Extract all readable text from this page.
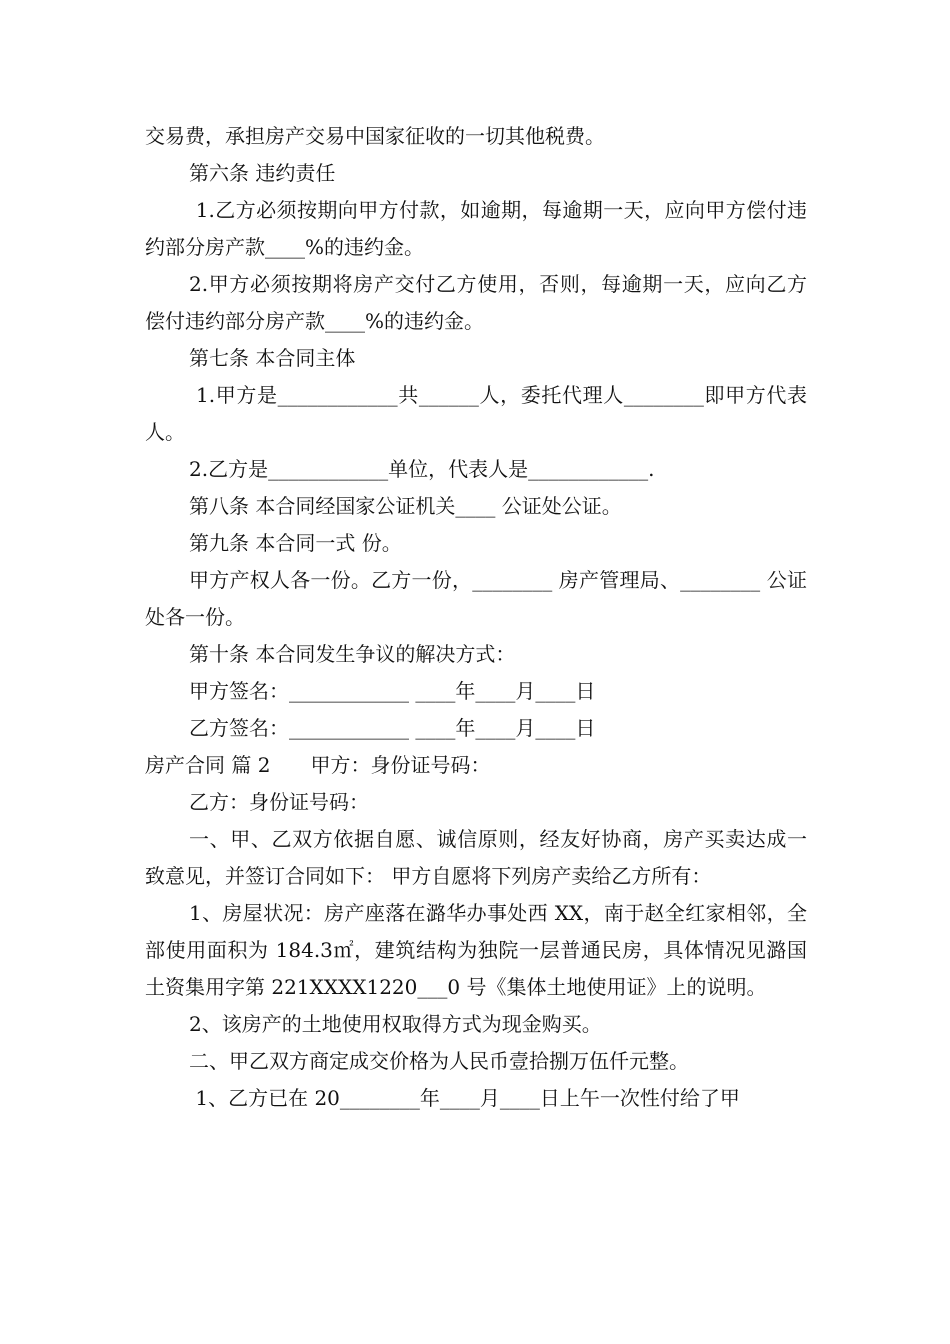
交易费，承担房产交易中国家征收的一切其他税费。

第六条 违约责任

1.乙方必须按期向甲方付款，如逾期，每逾期一天，应向甲方偿付违约部分房产款____%的违约金。

2.甲方必须按期将房产交付乙方使用，否则，每逾期一天，应向乙方偿付违约部分房产款____%的违约金。

第七条 本合同主体

1.甲方是____________共______人，委托代理人________即甲方代表人。

2.乙方是____________单位，代表人是____________.

第八条 本合同经国家公证机关____ 公证处公证。

第九条 本合同一式 份。

甲方产权人各一份。乙方一份，________ 房产管理局、________ 公证处各一份。

第十条 本合同发生争议的解决方式：

甲方签名：____________ ____年____月____日

乙方签名：____________ ____年____月____日

房产合同 篇 2　　甲方：身份证号码：

乙方：身份证号码：

一、甲、乙双方依据自愿、诚信原则，经友好协商，房产买卖达成一致意见，并签订合同如下： 甲方自愿将下列房产卖给乙方所有：

1、房屋状况：房产座落在潞华办事处西 XX，南于赵全红家相邻，全部使用面积为 184.3㎡，建筑结构为独院一层普通民房，具体情况见潞国土资集用字第 221XXXX1220___0 号《集体土地使用证》上的说明。

2、该房产的土地使用权取得方式为现金购买。

二、甲乙双方商定成交价格为人民币壹拾捌万伍仟元整。

1、乙方已在 20________年____月____日上午一次性付给了甲
